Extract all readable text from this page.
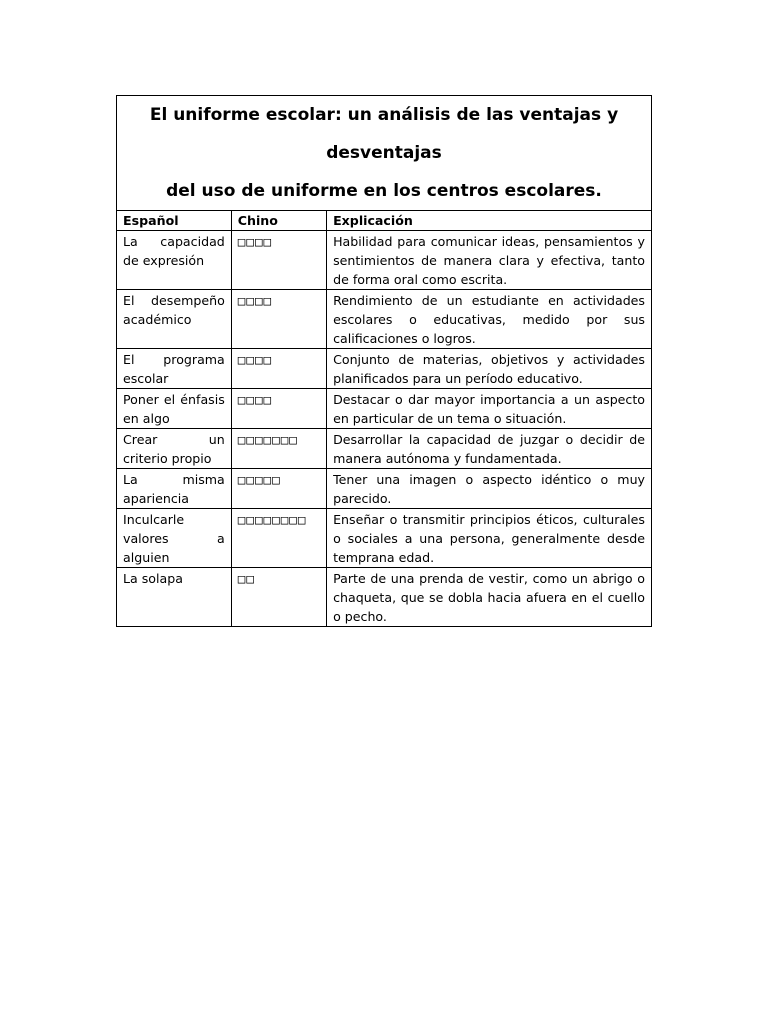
El uniforme escolar: un análisis de las ventajas y desventajas
del uso de uniforme en los centros escolares.		

Español	Chino	Explicación
La capacidad de expresión	□□□□	Habilidad para comunicar ideas, pensamientos y sentimientos de manera clara y efectiva, tanto de forma oral como escrita.
El desempeño académico	□□□□	Rendimiento de un estudiante en actividades escolares o educativas, medido por sus calificaciones o logros.
El programa escolar	□□□□	Conjunto de materias, objetivos y actividades planificados para un período educativo.
Poner el énfasis en algo	□□□□	Destacar o dar mayor importancia a un aspecto en particular de un tema o situación.
Crear un criterio propio	□□□□□□□	Desarrollar la capacidad de juzgar o decidir de manera autónoma y fundamentada.
La misma apariencia	□□□□□	Tener una imagen o aspecto idéntico o muy parecido.
Inculcarle valores a alguien	□□□□□□□□	Enseñar o transmitir principios éticos, culturales o sociales a una persona, generalmente desde temprana edad.
La solapa	□□	Parte de una prenda de vestir, como un abrigo o chaqueta, que se dobla hacia afuera en el cuello o pecho.
